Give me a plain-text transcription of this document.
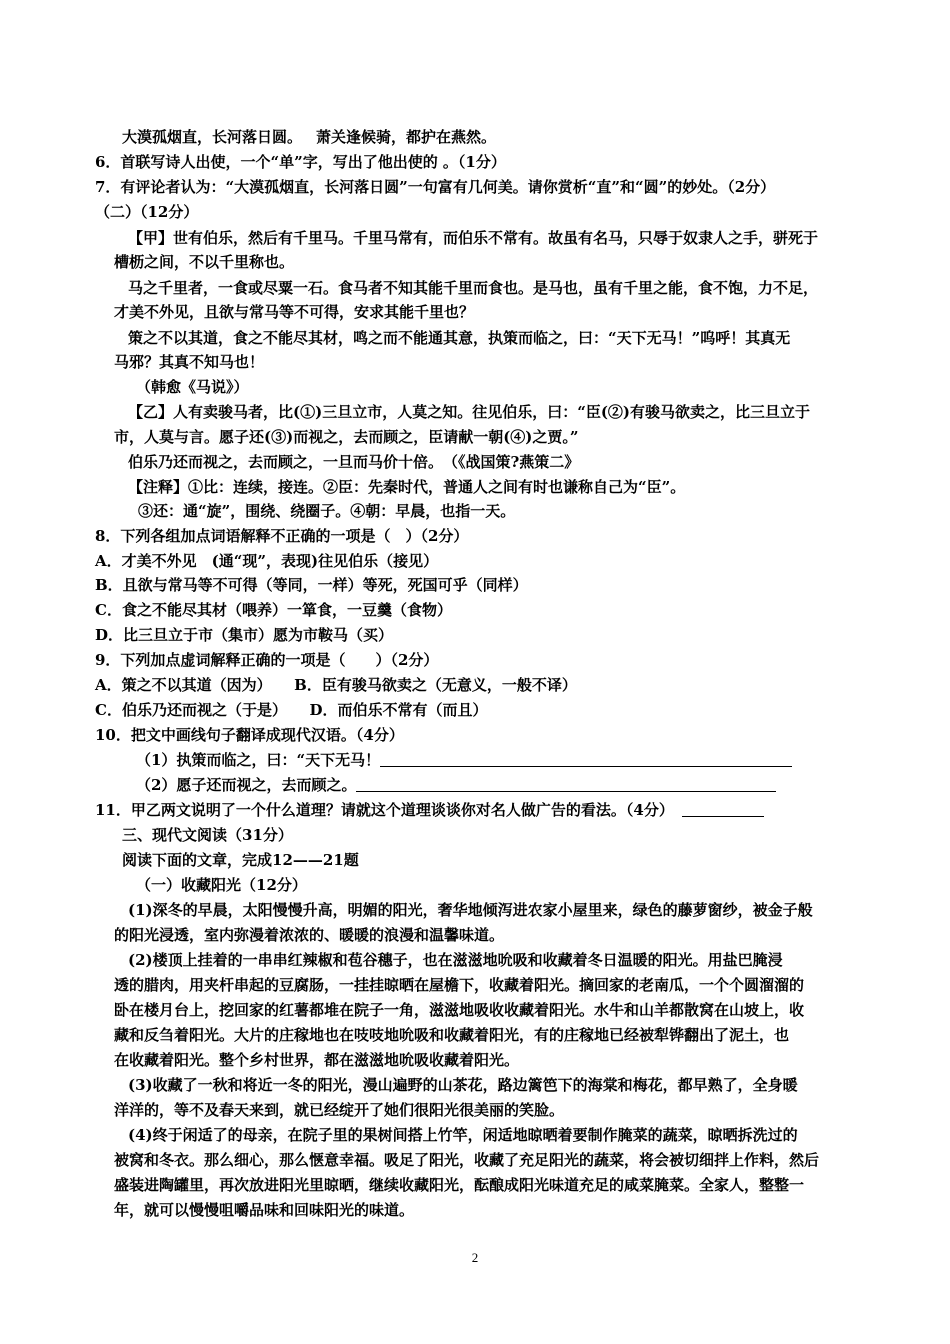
大漠孤烟直，长河落日圆。 萧关逢候骑，都护在燕然。
6．首联写诗人出使，一个“单”字，写出了他出使的 。（1分）
7．有评论者认为：“大漠孤烟直，长河落日圆”一句富有几何美。请你赏析“直”和“圆”的妙处。（2分）
（二）（12分）
【甲】世有伯乐，然后有千里马。千里马常有，而伯乐不常有。故虽有名马，只辱于奴隶人之手，骈死于
槽枥之间，不以千里称也。
马之千里者，一食或尽粟一石。食马者不知其能千里而食也。是马也，虽有千里之能，食不饱，力不足，
才美不外见，且欲与常马等不可得，安求其能千里也？
策之不以其道，食之不能尽其材，鸣之而不能通其意，执策而临之，曰：“天下无马！”呜呼！其真无
马邪？其真不知马也！
（韩愈《马说》）
【乙】人有卖骏马者，比(①)三旦立市，人莫之知。往见伯乐，曰：“臣(②)有骏马欲卖之，比三旦立于
市，人莫与言。愿子还(③)而视之，去而顾之，臣请献一朝(④)之贾。”
伯乐乃还而视之，去而顾之，一旦而马价十倍。　（《战国策?燕策二》
【注释】①比：连续，接连。②臣：先秦时代，普通人之间有时也谦称自己为“臣”。
③还：通“旋”，围绕、绕圈子。④朝：早晨，也指一天。
8．下列各组加点词语解释不正确的一项是（　）（2分）
A．才美不外见　(通“现”，表现)往见伯乐（接见）
B．且欲与常马等不可得（等同，一样）等死，死国可乎（同样）
C．食之不能尽其材（喂养）一箪食，一豆羹（食物）
D．比三旦立于市（集市）愿为市鞍马（买）
9．下列加点虚词解释正确的一项是（　　）（2分）
A．策之不以其道（因为）　　B．臣有骏马欲卖之（无意义，一般不译）
C．伯乐乃还而视之（于是）　　D．而伯乐不常有（而且）
10．把文中画线句子翻译成现代汉语。（4分）
（1）执策而临之，曰：“天下无马！
（2）愿子还而视之，去而顾之。
11．甲乙两文说明了一个什么道理？请就这个道理谈谈你对名人做广告的看法。（4分）
三、现代文阅读（31分）
阅读下面的文章，完成12——21题
（一）收藏阳光（12分）
(1)深冬的早晨，太阳慢慢升高，明媚的阳光，奢华地倾泻进农家小屋里来，绿色的藤萝窗纱，被金子般
的阳光浸透，室内弥漫着浓浓的、暖暖的浪漫和温馨味道。
(2)楼顶上挂着的一串串红辣椒和苞谷穗子，也在滋滋地吮吸和收藏着冬日温暖的阳光。用盐巴腌浸
透的腊肉，用夹杆串起的豆腐肠，一挂挂晾晒在屋檐下，收藏着阳光。摘回家的老南瓜，一个个圆溜溜的
卧在楼月台上，挖回家的红薯都堆在院子一角，滋滋地吸收收藏着阳光。水牛和山羊都散窝在山坡上，收
藏和反刍着阳光。大片的庄稼地也在吱吱地吮吸和收藏着阳光，有的庄稼地已经被犁铧翻出了泥土，也
在收藏着阳光。整个乡村世界，都在滋滋地吮吸收藏着阳光。
(3)收藏了一秋和将近一冬的阳光，漫山遍野的山茶花，路边篱笆下的海棠和梅花，都早熟了，全身暖
洋洋的，等不及春天来到，就已经绽开了她们很阳光很美丽的笑脸。
(4)终于闲适了的母亲，在院子里的果树间搭上竹竿，闲适地晾晒着要制作腌菜的蔬菜，晾晒拆洗过的
被窝和冬衣。那么细心，那么惬意幸福。吸足了阳光，收藏了充足阳光的蔬菜，将会被切细拌上作料，然后
盛装进陶罐里，再次放进阳光里晾晒，继续收藏阳光，酝酿成阳光味道充足的咸菜腌菜。全家人，整整一
年，就可以慢慢咀嚼品味和回味阳光的味道。
2
